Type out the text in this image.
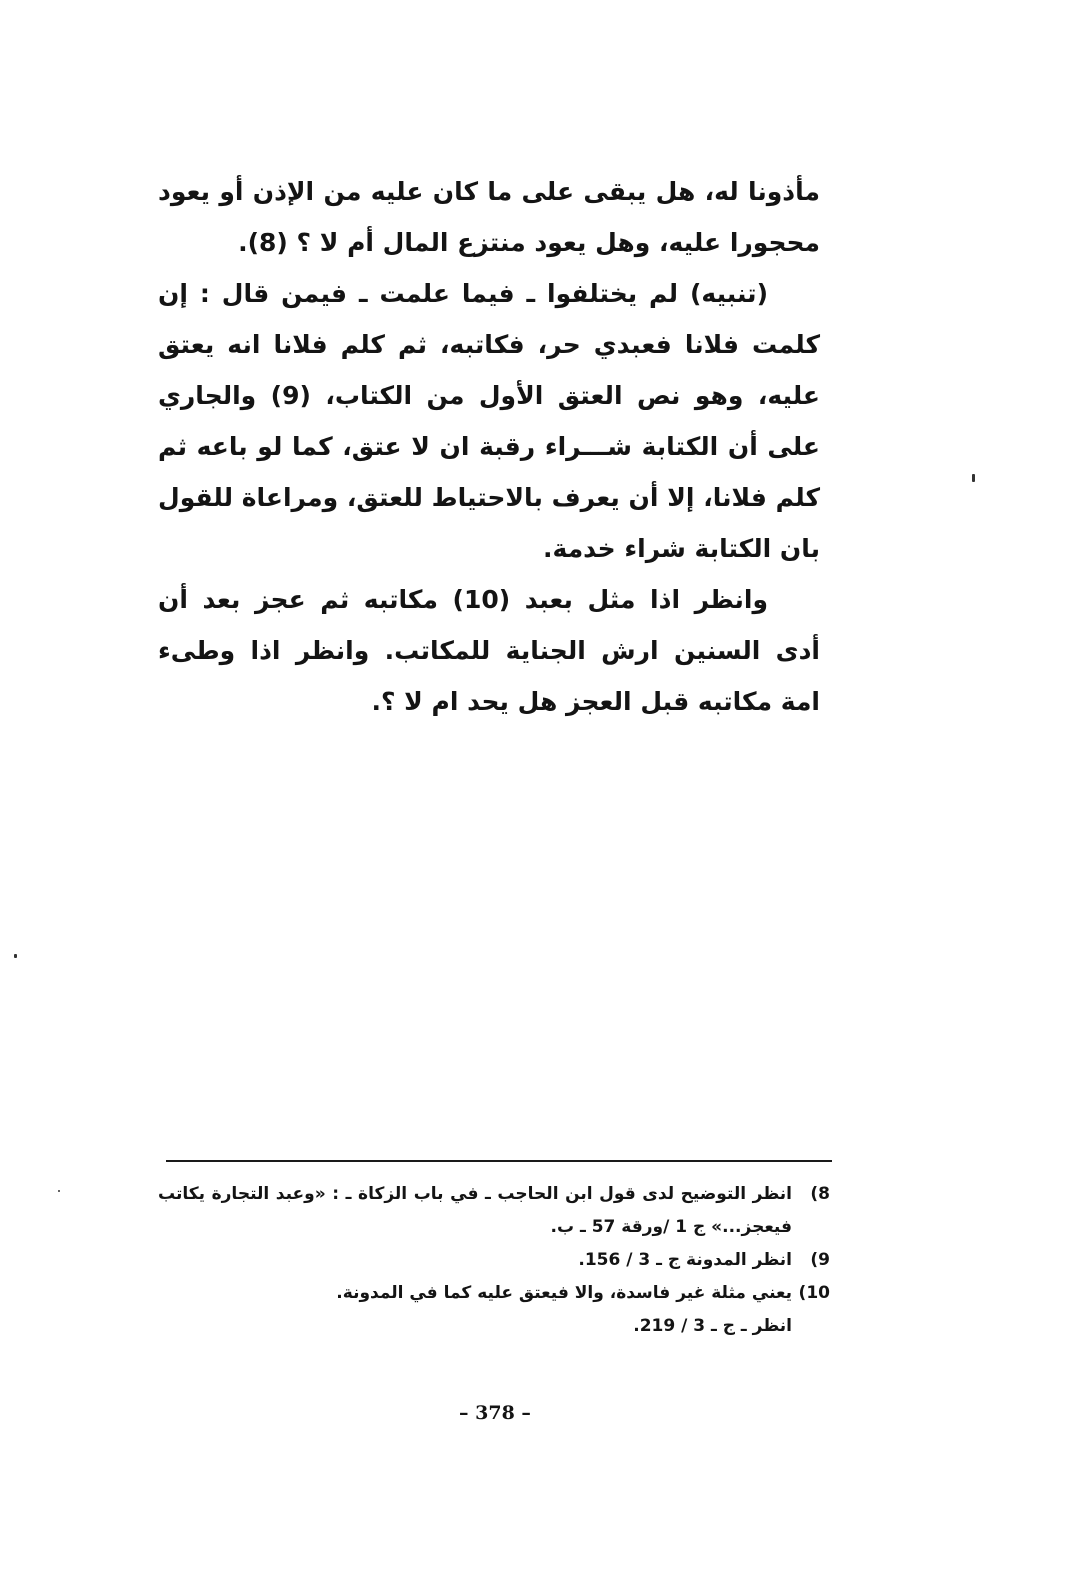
مأذونا له، هل يبقى على ما كان عليه من الإذن أو يعود محجورا عليه، وهل يعود منتزع المال أم لا ؟ (8).

(تنبيه) لم يختلفوا ـ فيما علمت ـ فيمن قال : إن كلمت فلانا فعبدي حر، فكاتبه، ثم كلم فلانا انه يعتق عليه، وهو نص العتق الأول من الكتاب، (9) والجاري على أن الكتابة شـــراء رقبة ان لا عتق، كما لو باعه ثم كلم فلانا، إلا أن يعرف بالاحتياط للعتق، ومراعاة للقول بان الكتابة شراء خدمة.

وانظر اذا مثل بعبد (10) مكاتبه ثم عجز بعد أن أدى السنين ارش الجناية للمكاتب. وانظر اذا وطىء امة مكاتبه قبل العجز هل يحد ام لا ؟.

8)
انظر التوضيح لدى قول ابن الحاجب ـ في باب الزكاة ـ : «وعبد التجارة يكاتب فيعجز...» ج 1 /ورقة 57 ـ ب.
9)
انظر المدونة ج ـ 3 / 156.
10)
يعني مثلة غير فاسدة، والا فيعتق عليه كما في المدونة.
انظر ـ ج ـ 3 / 219.
– 378 –
